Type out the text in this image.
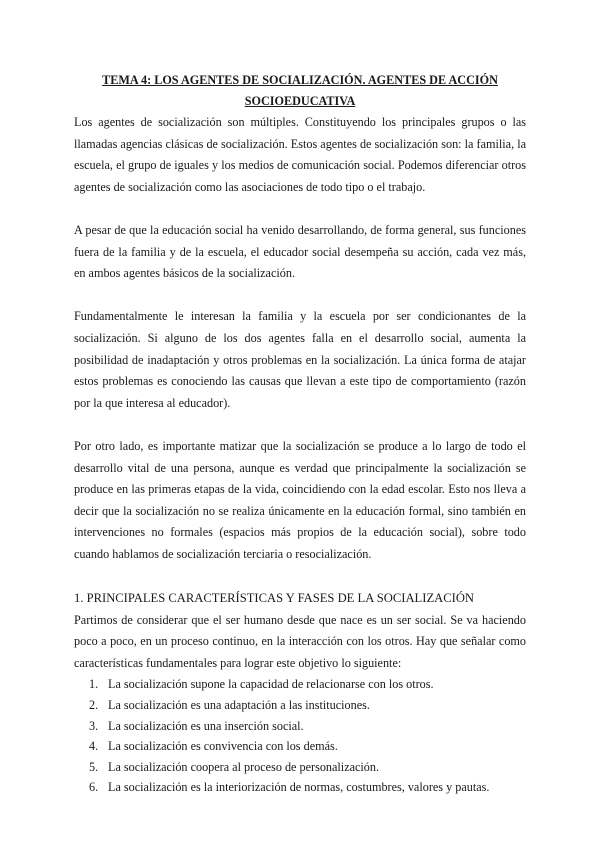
TEMA 4: LOS AGENTES DE SOCIALIZACIÓN. AGENTES DE ACCIÓN

SOCIOEDUCATIVA

Los agentes de socialización son múltiples. Constituyendo los principales grupos o las llamadas agencias clásicas de socialización. Estos agentes de socialización son: la familia, la escuela, el grupo de iguales y los medios de comunicación social. Podemos diferenciar otros agentes de socialización como las asociaciones de todo tipo o el trabajo.

A pesar de que la educación social ha venido desarrollando, de forma general, sus funciones fuera de la familia y de la escuela, el educador social desempeña su acción, cada vez más, en ambos agentes básicos de la socialización.

Fundamentalmente le interesan la familia y la escuela por ser condicionantes de la socialización. Si alguno de los dos agentes falla en el desarrollo social, aumenta la posibilidad de inadaptación y otros problemas en la socialización. La única forma de atajar estos problemas es conociendo las causas que llevan a este tipo de comportamiento (razón por la que interesa al educador).

Por otro lado, es importante matizar que la socialización se produce a lo largo de todo el desarrollo vital de una persona, aunque es verdad que principalmente la socialización se produce en las primeras etapas de la vida, coincidiendo con la edad escolar. Esto nos lleva a decir que la socialización no se realiza únicamente en la educación formal, sino también en intervenciones no formales (espacios más propios de la educación social), sobre todo cuando hablamos de socialización terciaria o resocialización.

1. PRINCIPALES CARACTERÍSTICAS Y FASES DE LA SOCIALIZACIÓN

Partimos de considerar que el ser humano desde que nace es un ser social. Se va haciendo poco a poco, en un proceso continuo, en la interacción con los otros. Hay que señalar como características fundamentales para lograr este objetivo lo siguiente:

1. La socialización supone la capacidad de relacionarse con los otros.
2. La socialización es una adaptación a las instituciones.
3. La socialización es una inserción social.
4. La socialización es convivencia con los demás.
5. La socialización coopera al proceso de personalización.
6. La socialización es la interiorización de normas, costumbres, valores y pautas.
